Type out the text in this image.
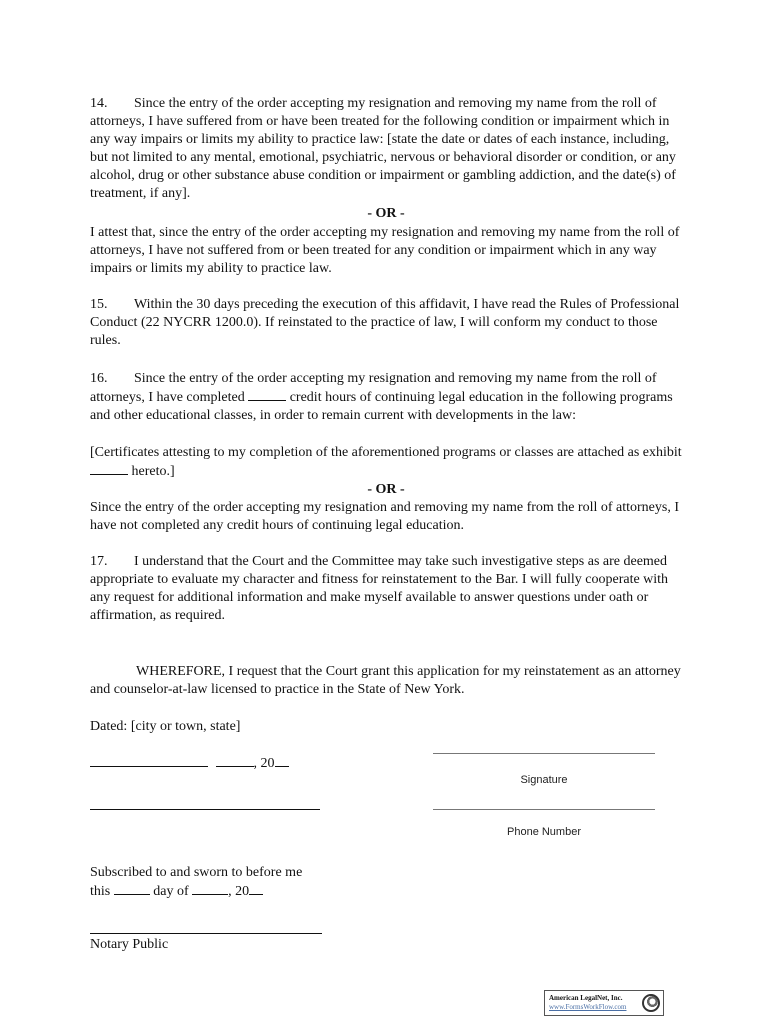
14. Since the entry of the order accepting my resignation and removing my name from the roll of attorneys, I have suffered from or have been treated for the following condition or impairment which in any way impairs or limits my ability to practice law: [state the date or dates of each instance, including, but not limited to any mental, emotional, psychiatric, nervous or behavioral disorder or condition, or any alcohol, drug or other substance abuse condition or impairment or gambling addiction, and the date(s) of treatment, if any].

- OR -

I attest that, since the entry of the order accepting my resignation and removing my name from the roll of attorneys, I have not suffered from or been treated for any condition or impairment which in any way impairs or limits my ability to practice law.

15. Within the 30 days preceding the execution of this affidavit, I have read the Rules of Professional Conduct (22 NYCRR 1200.0). If reinstated to the practice of law, I will conform my conduct to those rules.

16. Since the entry of the order accepting my resignation and removing my name from the roll of attorneys, I have completed	credit hours of continuing legal education in the following programs and other educational classes, in order to remain current with developments in the law:

[Certificates attesting to my completion of the aforementioned programs or classes are attached as exhibit  hereto.]

- OR -

Since the entry of the order accepting my resignation and removing my name from the roll of attorneys, I have not completed any credit hours of continuing legal education.

17. I understand that the Court and the Committee may take such investigative steps as are deemed appropriate to evaluate my character and fitness for reinstatement to the Bar. I will fully cooperate with any request for additional information and make myself available to answer questions under oath or affirmation, as required.

WHEREFORE, I request that the Court grant this application for my reinstatement as an attorney and counselor-at-law licensed to practice in the State of New York.

Dated: [city or town, state]

, 20
Signature
Phone Number

Subscribed to and sworn to before me

this	day of	, 20

Notary Public

American LegalNet, Inc.
www.FormsWorkFlow.com
